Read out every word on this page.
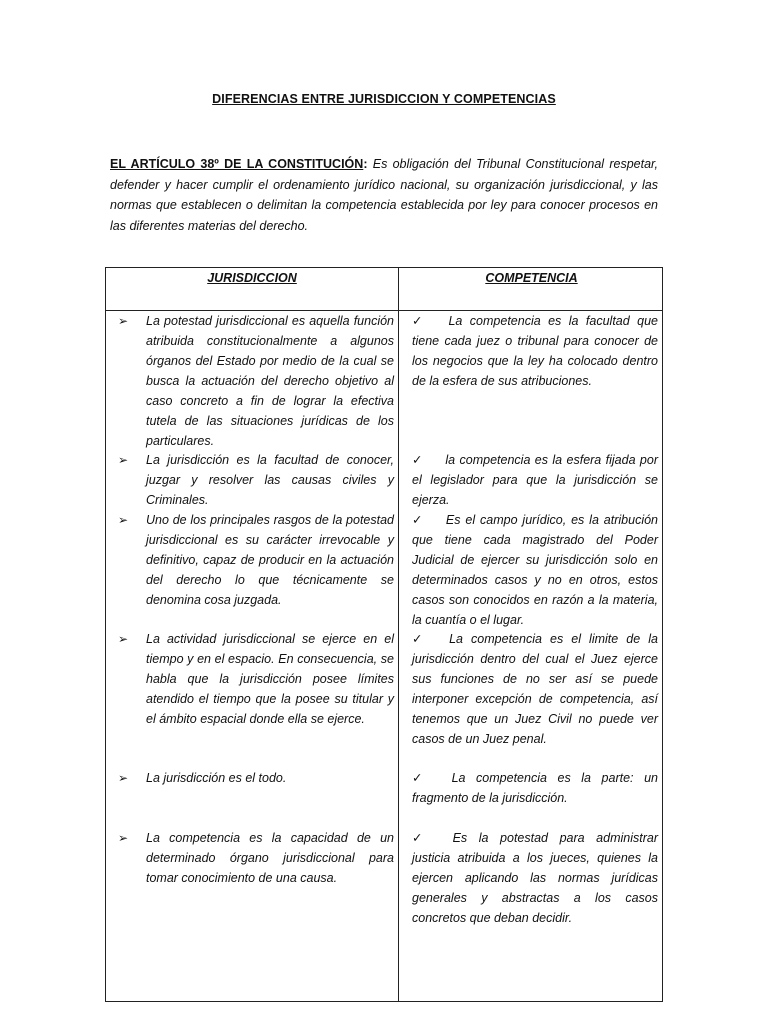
DIFERENCIAS ENTRE JURISDICCION Y COMPETENCIAS
EL ARTÍCULO 38º DE LA CONSTITUCIÓN: Es obligación del Tribunal Constitucional respetar, defender y hacer cumplir el ordenamiento jurídico nacional, su organización jurisdiccional, y las normas que establecen o delimitan la competencia establecida por ley para conocer procesos en las diferentes materias del derecho.
JURISDICCION	COMPETENCIA
➢ La potestad jurisdiccional es aquella función atribuida constitucionalmente a algunos órganos del Estado por medio de la cual se busca la actuación del derecho objetivo al caso concreto a fin de lograr la efectiva tutela de las situaciones jurídicas de los particulares.
➢ La jurisdicción es la facultad de conocer, juzgar y resolver las causas civiles y Criminales.
➢ Uno de los principales rasgos de la potestad jurisdiccional es su carácter irrevocable y definitivo, capaz de producir en la actuación del derecho lo que técnicamente se denomina cosa juzgada.
➢ La actividad jurisdiccional se ejerce en el tiempo y en el espacio. En consecuencia, se habla que la jurisdicción posee límites atendido el tiempo que la posee su titular y el ámbito espacial donde ella se ejerce.
➢ La jurisdicción es el todo.
➢ La competencia es la capacidad de un determinado órgano jurisdiccional para tomar conocimiento de una causa.
✓ La competencia es la facultad que tiene cada juez o tribunal para conocer de los negocios que la ley ha colocado dentro de la esfera de sus atribuciones.
✓ la competencia es la esfera fijada por el legislador para que la jurisdicción se ejerza.
✓ Es el campo jurídico, es la atribución que tiene cada magistrado del Poder Judicial de ejercer su jurisdicción solo en determinados casos y no en otros, estos casos son conocidos en razón a la materia, la cuantía o el lugar.
✓ La competencia es el limite de la jurisdicción dentro del cual el Juez ejerce sus funciones de no ser así se puede interponer excepción de competencia, así tenemos que un Juez Civil no puede ver casos de un Juez penal.
✓ La competencia es la parte: un fragmento de la jurisdicción.
✓ Es la potestad para administrar justicia atribuida a los jueces, quienes la ejercen aplicando las normas jurídicas generales y abstractas a los casos concretos que deban decidir.
